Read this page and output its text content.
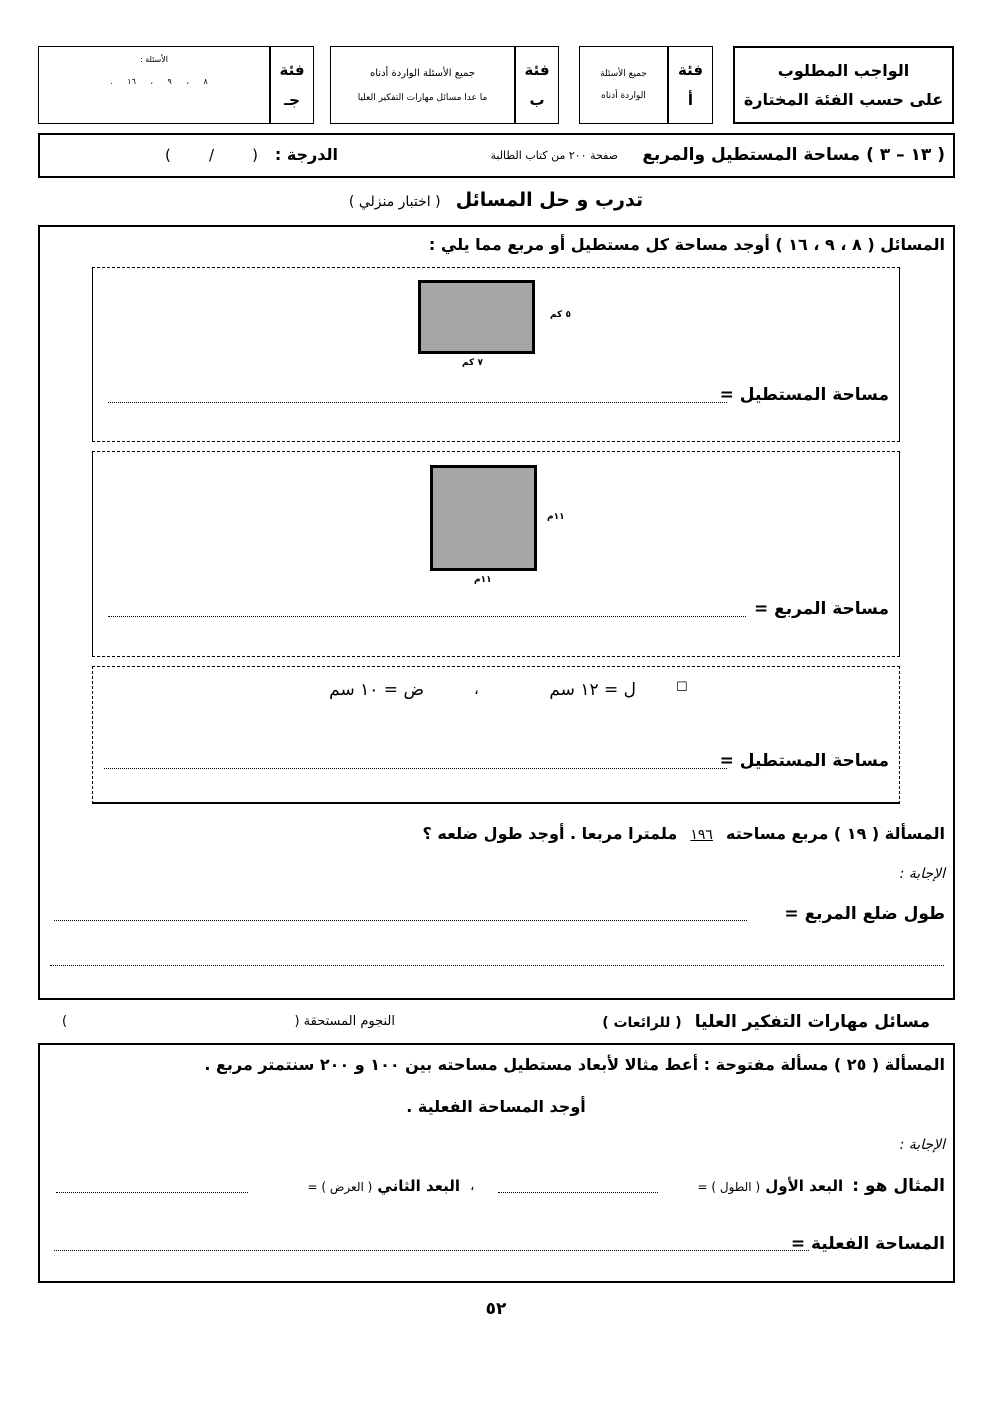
الواجب المطلوب
على حسب الفئة المختارة
فئة
أ
جميع الأسئلة
الواردة أدناه
فئة
ب
جميع الأسئلة الواردة أدناه
ما عدا مسائل مهارات التفكير العليا
فئة
جـ
الأسئلة :
٨ ، ٩ ، ١٦ .
( ١٣ – ٣ ) مساحة المستطيل والمربع
صفحة ٢٠٠ من كتاب الطالبة
الدرجة :
(        /        )
تدرب و حل المسائل ( اختبار منزلي )
المسائل ( ٨ ، ٩ ، ١٦ ) أوجد مساحة كل مستطيل أو مربع مما يلي :
٥ كم
٧ كم
مساحة المستطيل =
١١م
١١م
مساحة المربع =
☐
ل = ١٢ سم
،
ض = ١٠ سم
مساحة المستطيل =
المسألة ( ١٩ ) مربع مساحته ١٩٦ ملمترا مربعا . أوجد طول ضلعه ؟
الإجابة :
طول ضلع المربع =
مسائل مهارات التفكير العليا ( للرائعات )
النجوم المستحقة (
)
المسألة ( ٢٥ ) مسألة مفتوحة : أعط مثالا لأبعاد مستطيل مساحته بين ١٠٠ و ٢٠٠ سنتمتر مربع .
أوجد المساحة الفعلية .
الإجابة :
المثال هو : البعد الأول ( الطول ) =
،
البعد الثاني ( العرض ) =
المساحة الفعلية =
٥٢
